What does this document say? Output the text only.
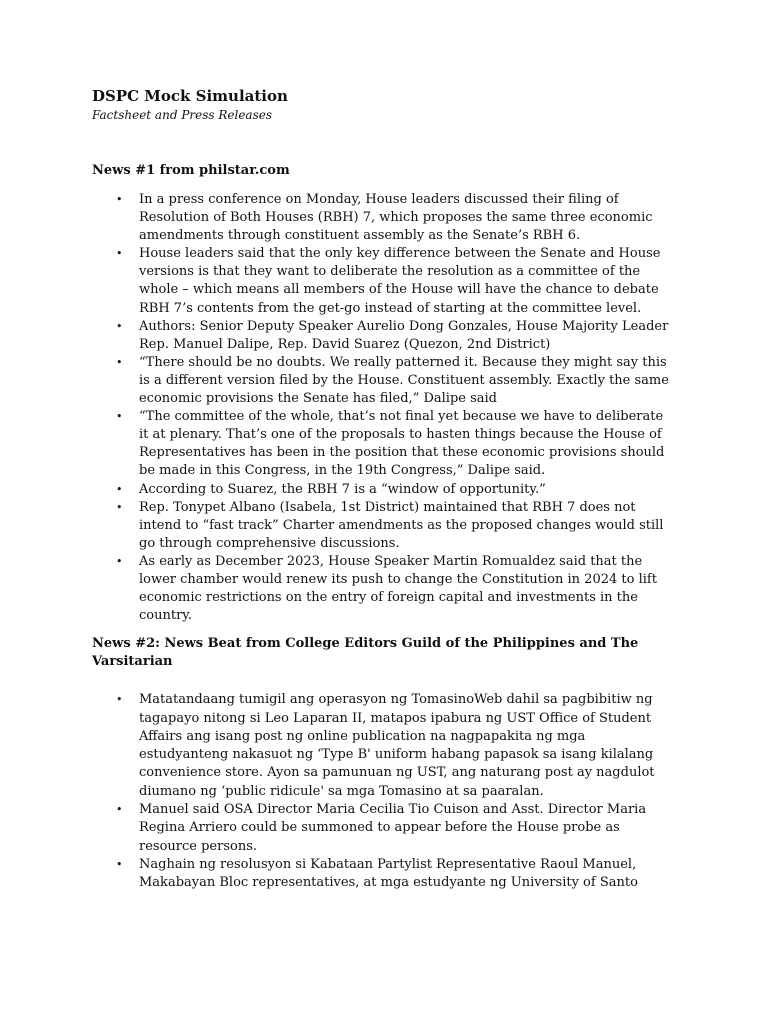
DSPC Mock Simulation

Factsheet and Press Releases

News #1 from philstar.com
• In a press conference on Monday, House leaders discussed their filing of Resolution of Both Houses (RBH) 7, which proposes the same three economic amendments through constituent assembly as the Senate’s RBH 6.
• House leaders said that the only key difference between the Senate and House versions is that they want to deliberate the resolution as a committee of the whole – which means all members of the House will have the chance to debate RBH 7’s contents from the get-go instead of starting at the committee level.
• Authors: Senior Deputy Speaker Aurelio Dong Gonzales, House Majority Leader Rep. Manuel Dalipe, Rep. David Suarez (Quezon, 2nd District)
• “There should be no doubts. We really patterned it. Because they might say this is a different version filed by the House. Constituent assembly. Exactly the same economic provisions the Senate has filed,” Dalipe said
• “The committee of the whole, that’s not final yet because we have to deliberate it at plenary. That’s one of the proposals to hasten things because the House of Representatives has been in the position that these economic provisions should be made in this Congress, in the 19th Congress,” Dalipe said.
• According to Suarez, the RBH 7 is a “window of opportunity.”
• Rep. Tonypet Albano (Isabela, 1st District) maintained that RBH 7 does not intend to “fast track” Charter amendments as the proposed changes would still go through comprehensive discussions.
• As early as December 2023, House Speaker Martin Romualdez said that the lower chamber would renew its push to change the Constitution in 2024 to lift economic restrictions on the entry of foreign capital and investments in the country.
News #2: News Beat from College Editors Guild of the Philippines and The Varsitarian
• Matatandaang tumigil ang operasyon ng TomasinoWeb dahil sa pagbibitiw ng tagapayo nitong si Leo Laparan II, matapos ipabura ng UST Office of Student Affairs ang isang post ng online publication na nagpapakita ng mga estudyanteng nakasuot ng ‘Type B' uniform habang papasok sa isang kilalang convenience store. Ayon sa pamunuan ng UST, ang naturang post ay nagdulot diumano ng ‘public ridicule' sa mga Tomasino at sa paaralan.
• Manuel said OSA Director Maria Cecilia Tio Cuison and Asst. Director Maria Regina Arriero could be summoned to appear before the House probe as resource persons.
• Naghain ng resolusyon si Kabataan Partylist Representative Raoul Manuel, Makabayan Bloc representatives, at mga estudyante ng University of Santo
